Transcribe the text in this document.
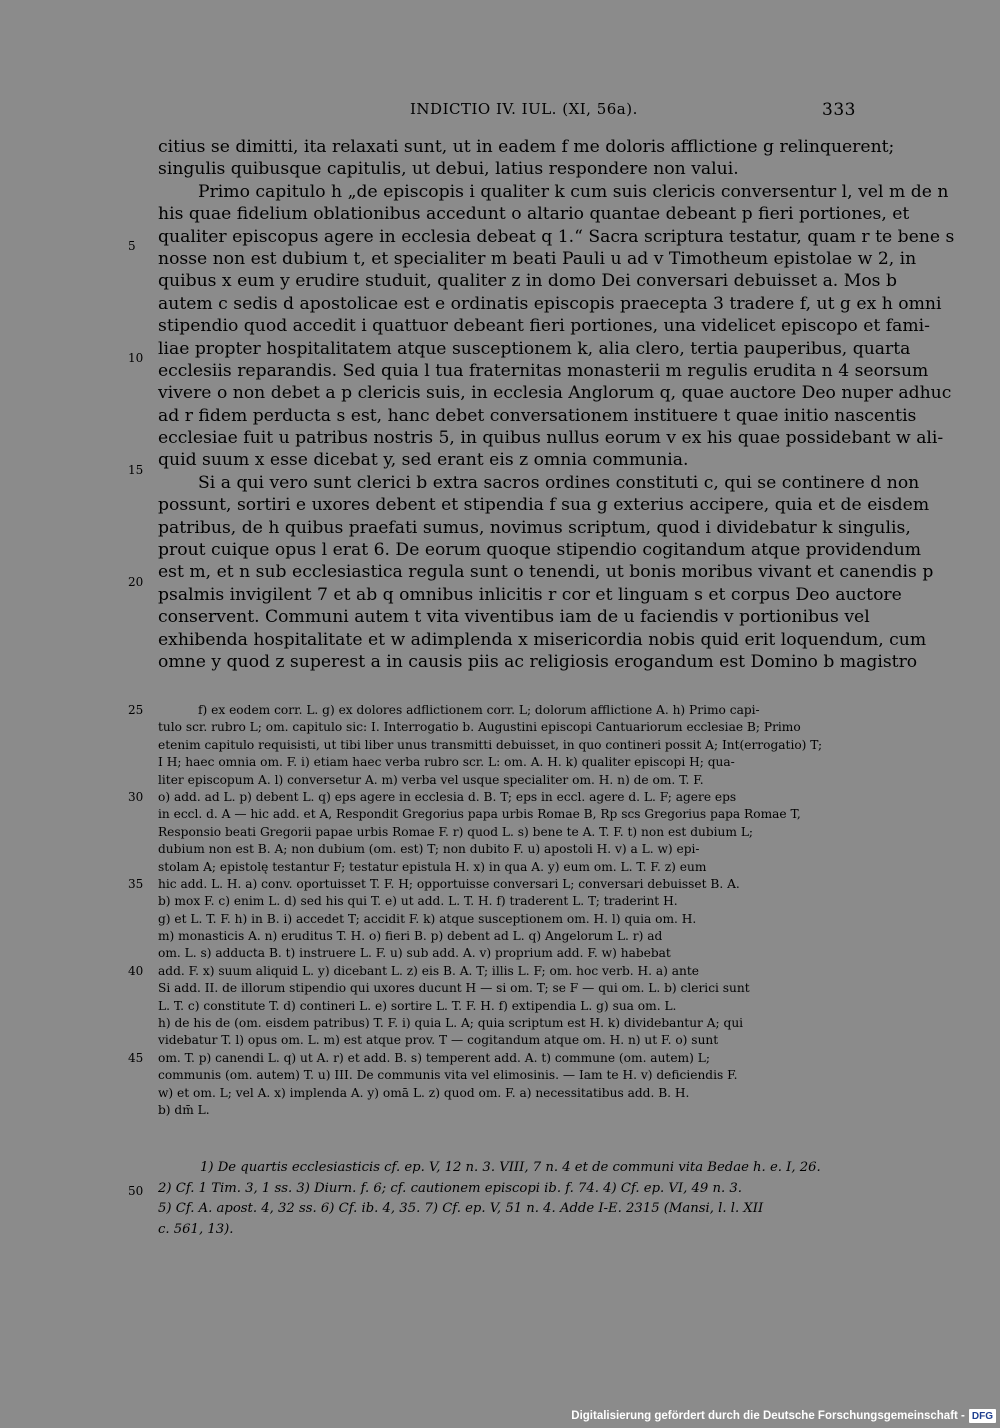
INDICTIO IV. IUL. (XI, 56a).	333
citius se dimitti, ita relaxati sunt, ut in eadem f me doloris afflictione g relinquerent;
singulis quibusque capitulis, ut debui, latius respondere non valui.
Primo capitulo h „de episcopis i qualiter k cum suis clericis conversentur l, vel m de n
his quae fidelium oblationibus accedunt o altario quantae debeant p fieri portiones, et
qualiter episcopus agere in ecclesia debeat q 1.“ Sacra scriptura testatur, quam r te bene s
nosse non est dubium t, et specialiter m beati Pauli u ad v Timotheum epistolae w 2, in
quibus x eum y erudire studuit, qualiter z in domo Dei conversari debuisset a. Mos b
autem c sedis d apostolicae est e ordinatis episcopis praecepta 3 tradere f, ut g ex h omni
stipendio quod accedit i quattuor debeant fieri portiones, una videlicet episcopo et fami-
liae propter hospitalitatem atque susceptionem k, alia clero, tertia pauperibus, quarta
ecclesiis reparandis. Sed quia l tua fraternitas monasterii m regulis erudita n 4 seorsum
vivere o non debet a p clericis suis, in ecclesia Anglorum q, quae auctore Deo nuper adhuc
ad r fidem perducta s est, hanc debet conversationem instituere t quae initio nascentis
ecclesiae fuit u patribus nostris 5, in quibus nullus eorum v ex his quae possidebant w ali-
quid suum x esse dicebat y, sed erant eis z omnia communia.
Si a qui vero sunt clerici b extra sacros ordines constituti c, qui se continere d non
possunt, sortiri e uxores debent et stipendia f sua g exterius accipere, quia et de eisdem
patribus, de h quibus praefati sumus, novimus scriptum, quod i dividebatur k singulis,
prout cuique opus l erat 6. De eorum quoque stipendio cogitandum atque providendum
est m, et n sub ecclesiastica regula sunt o tenendi, ut bonis moribus vivant et canendis p
psalmis invigilent 7 et ab q omnibus inlicitis r cor et linguam s et corpus Deo auctore
conservent. Communi autem t vita viventibus iam de u faciendis v portionibus vel
exhibenda hospitalitate et w adimplenda x misericordia nobis quid erit loquendum, cum
omne y quod z superest a in causis piis ac religiosis erogandum est Domino b magistro
5
10
15
20
f) ex eodem corr. L. g) ex dolores adflictionem corr. L; dolorum afflictione A. h) Primo capi-
tulo scr. rubro L; om. capitulo sic: I. Interrogatio b. Augustini episcopi Cantuariorum ecclesiae B; Primo
etenim capitulo requisisti, ut tibi liber unus transmitti debuisset, in quo contineri possit A; Int(errogatio) T;
I H; haec omnia om. F. i) etiam haec verba rubro scr. L: om. A. H. k) qualiter episcopi H; qua-
liter episcopum A. l) conversetur A. m) verba vel usque specialiter om. H. n) de om. T. F.
o) add. ad L. p) debent L. q) eps agere in ecclesia d. B. T; eps in eccl. agere d. L. F; agere eps
in eccl. d. A — hic add. et A, Respondit Gregorius papa urbis Romae B, Rp scs Gregorius papa Romae T,
Responsio beati Gregorii papae urbis Romae F. r) quod L. s) bene te A. T. F. t) non est dubium L;
dubium non est B. A; non dubium (om. est) T; non dubito F. u) apostoli H. v) a L. w) epi-
stolam A; epistolę testantur F; testatur epistula H. x) in qua A. y) eum om. L. T. F. z) eum
hic add. L. H. a) conv. oportuisset T. F. H; opportuisse conversari L; conversari debuisset B. A.
b) mox F. c) enim L. d) sed his qui T. e) ut add. L. T. H. f) traderent L. T; traderint H.
g) et L. T. F. h) in B. i) accedet T; accidit F. k) atque susceptionem om. H. l) quia om. H.
m) monasticis A. n) eruditus T. H. o) fieri B. p) debent ad L. q) Angelorum L. r) ad
om. L. s) adducta B. t) instruere L. F. u) sub add. A. v) proprium add. F. w) habebat
add. F. x) suum aliquid L. y) dicebant L. z) eis B. A. T; illis L. F; om. hoc verb. H. a) ante
Si add. II. de illorum stipendio qui uxores ducunt H — si om. T; se F — qui om. L. b) clerici sunt
L. T. c) constitute T. d) contineri L. e) sortire L. T. F. H. f) extipendia L. g) sua om. L.
h) de his de (om. eisdem patribus) T. F. i) quia L. A; quia scriptum est H. k) dividebantur A; qui
videbatur T. l) opus om. L. m) est atque prov. T — cogitandum atque om. H. n) ut F. o) sunt
om. T. p) canendi L. q) ut A. r) et add. B. s) temperent add. A. t) commune (om. autem) L;
communis (om. autem) T. u) III. De communis vita vel elimosinis. — Iam te H. v) deficiendis F.
w) et om. L; vel A. x) implenda A. y) omā L. z) quod om. F. a) necessitatibus add. B. H.
b) dm̄ L.
25
30
35
40
45
1) De quartis ecclesiasticis cf. ep. V, 12 n. 3. VIII, 7 n. 4 et de communi vita Bedae h. e. I, 26.
2) Cf. 1 Tim. 3, 1 ss. 3) Diurn. f. 6; cf. cautionem episcopi ib. f. 74. 4) Cf. ep. VI, 49 n. 3.
5) Cf. A. apost. 4, 32 ss. 6) Cf. ib. 4, 35. 7) Cf. ep. V, 51 n. 4. Adde I-E. 2315 (Mansi, l. l. XII
c. 561, 13).
50
Digitalisierung gefördert durch die Deutsche Forschungsgemeinschaft - DFG
